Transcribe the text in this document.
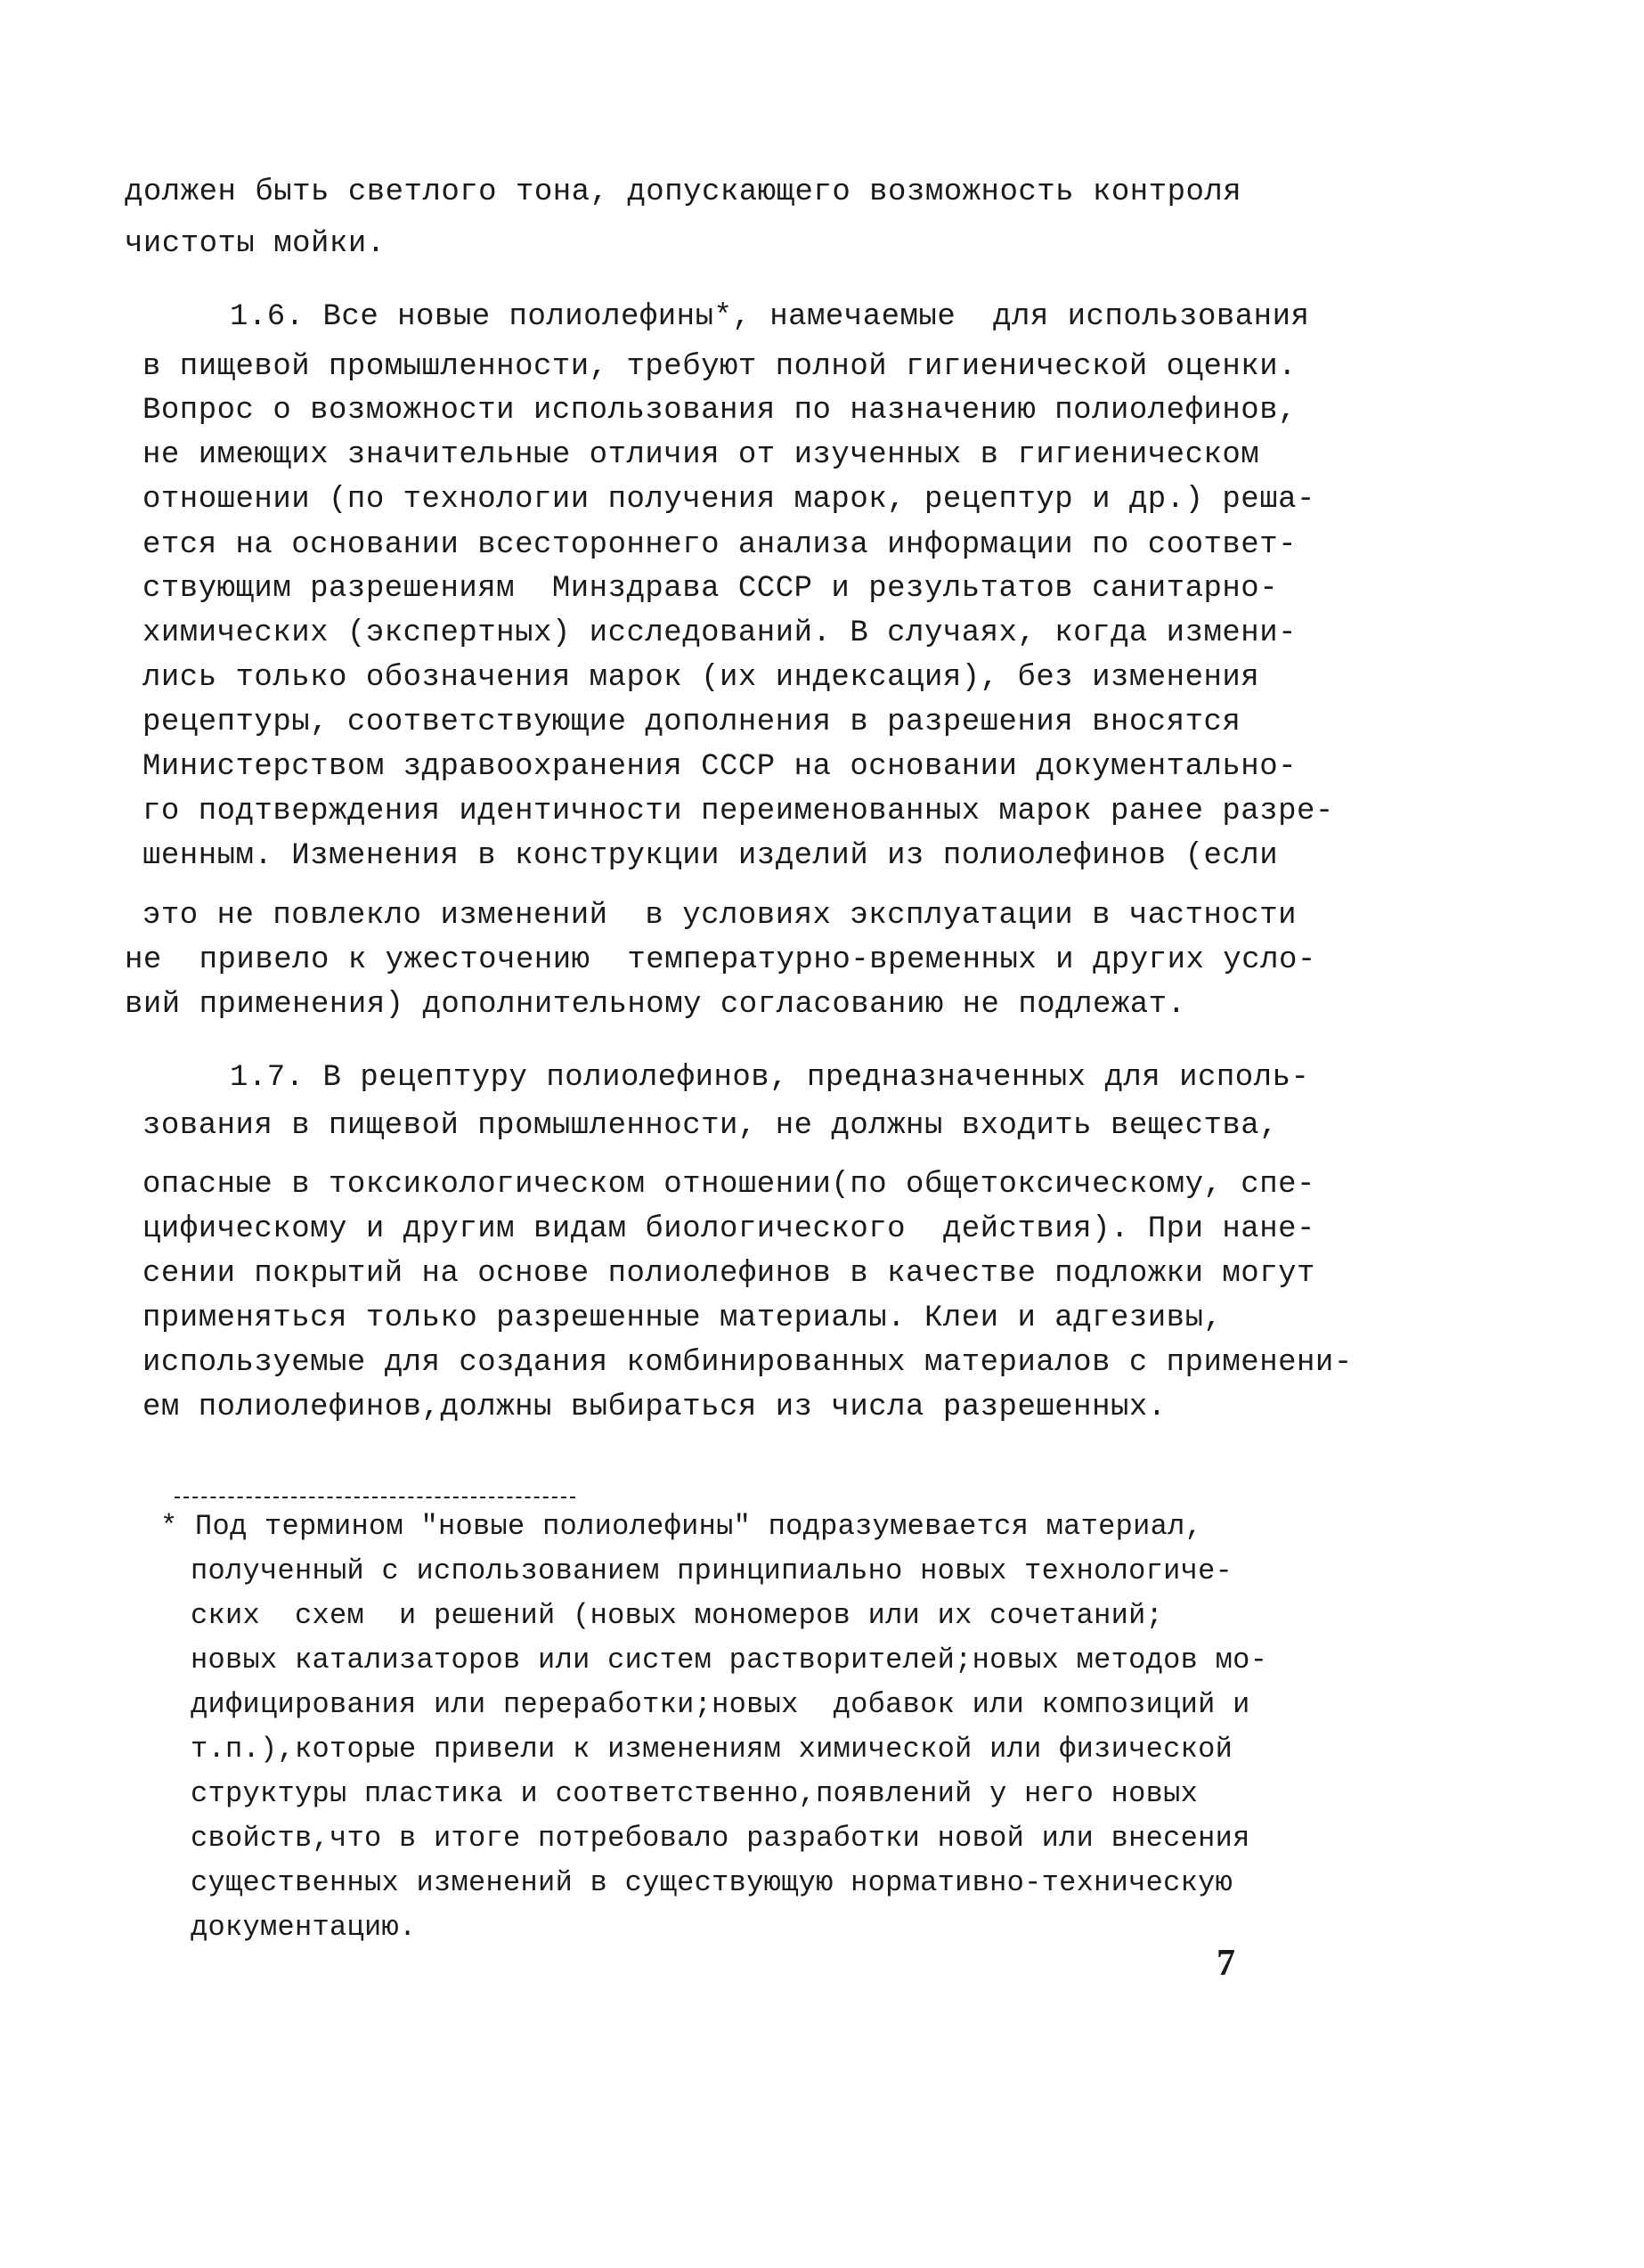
должен быть светлого тона, допускающего возможность контроля
чистоты мойки.
1.6. Все новые полиолефины*, намечаемые  для использования
в пищевой промышленности, требуют полной гигиенической оценки.
Вопрос о возможности использования по назначению полиолефинов,
не имеющих значительные отличия от изученных в гигиеническом
отношении (по технологии получения марок, рецептур и др.) реша-
ется на основании всестороннего анализа информации по соответ-
ствующим разрешениям  Минздрава СССР и результатов санитарно-
химических (экспертных) исследований. В случаях, когда измени-
лись только обозначения марок (их индексация), без изменения
рецептуры, соответствующие дополнения в разрешения вносятся
Министерством здравоохранения СССР на основании документально-
го подтверждения идентичности переименованных марок ранее разре-
шенным. Изменения в конструкции изделий из полиолефинов (если
это не повлекло изменений  в условиях эксплуатации в частности
не  привело к ужесточению  температурно-временных и других усло-
вий применения) дополнительному согласованию не подлежат.
1.7. В рецептуру полиолефинов, предназначенных для исполь-
зования в пищевой промышленности, не должны входить вещества,
опасные в токсикологическом отношении(по общетоксическому, спе-
цифическому и другим видам биологического  действия). При нане-
сении покрытий на основе полиолефинов в качестве подложки могут
применяться только разрешенные материалы. Клеи и адгезивы,
используемые для создания комбинированных материалов с применени-
ем полиолефинов,должны выбираться из числа разрешенных.
* Под термином "новые полиолефины" подразумевается материал,
полученный с использованием принципиально новых технологиче-
ских  схем  и решений (новых мономеров или их сочетаний;
новых катализаторов или систем растворителей;новых методов мо-
дифицирования или переработки;новых  добавок или композиций и
т.п.),которые привели к изменениям химической или физической
структуры пластика и соответственно,появлений у него новых
свойств,что в итоге потребовало разработки новой или внесения
существенных изменений в существующую нормативно-техническую
документацию.
7
